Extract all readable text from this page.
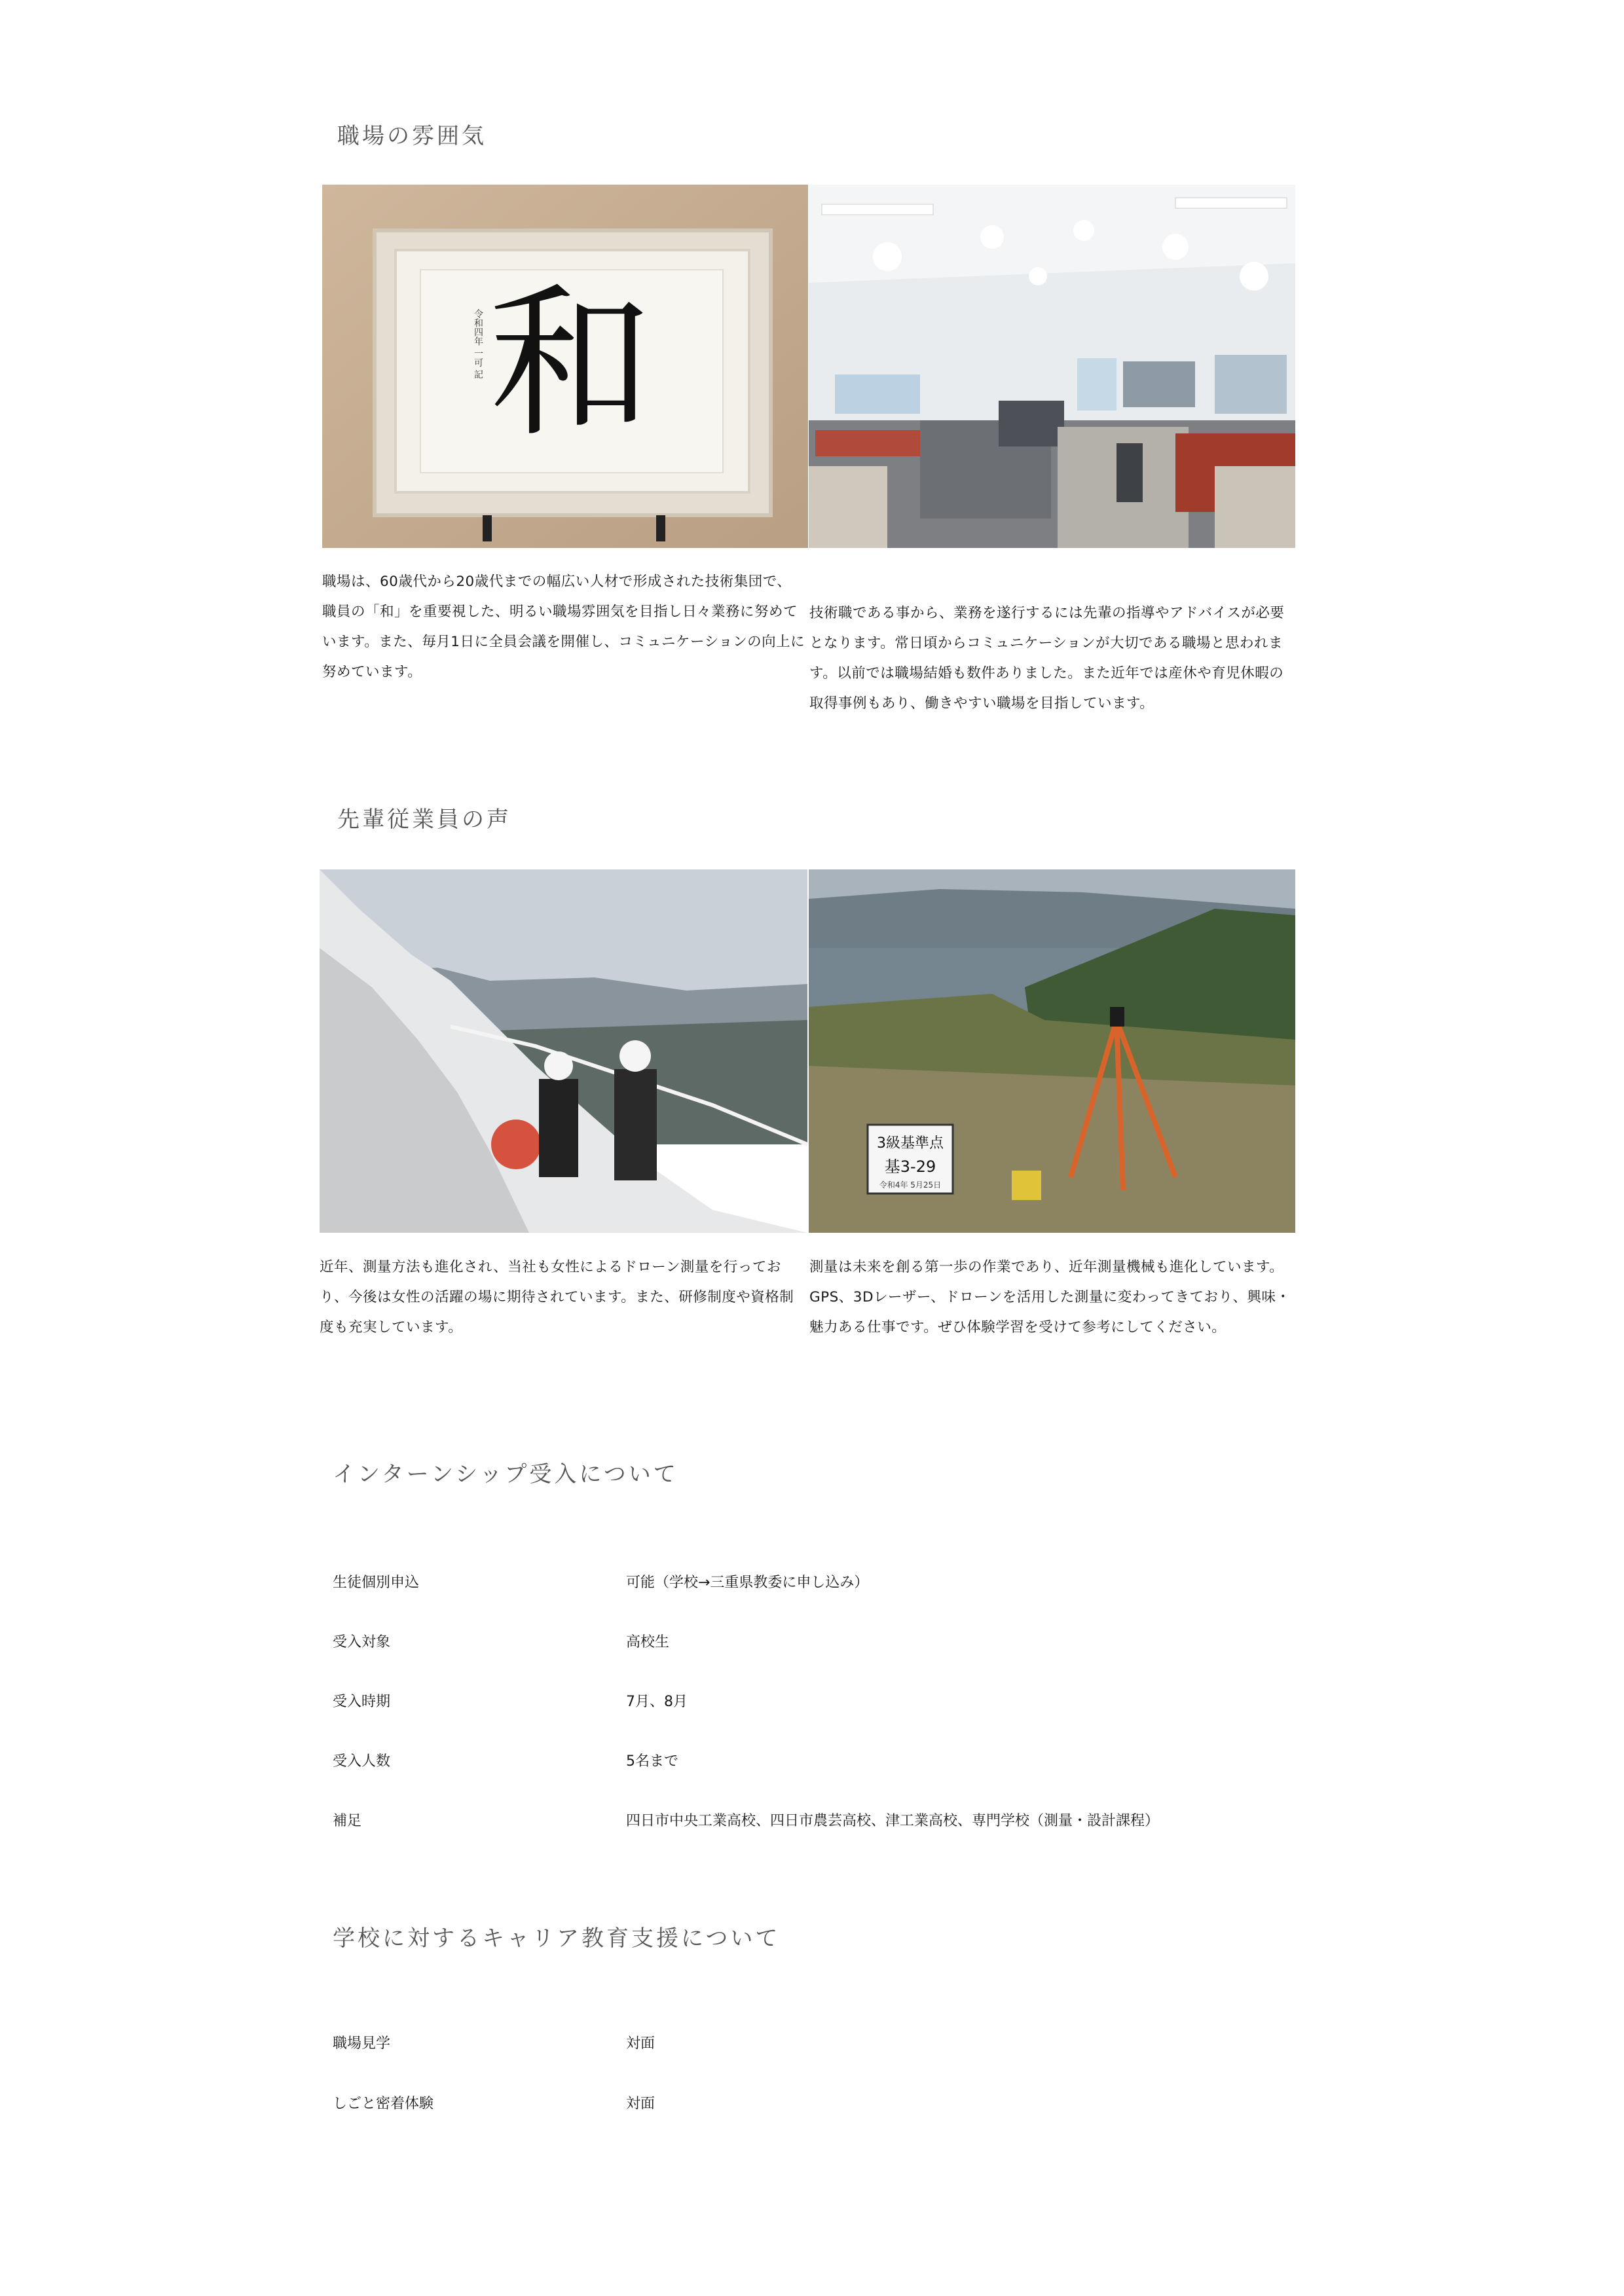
職場の雰囲気
和
令和四年 一可 記

職場は、60歳代から20歳代までの幅広い人材で形成された技術集団で、職員の「和」を重要視した、明るい職場雰囲気を目指し日々業務に努めています。また、毎月1日に全員会議を開催し、コミュニケーションの向上に努めています。

技術職である事から、業務を遂行するには先輩の指導やアドバイスが必要となります。常日頃からコミュニケーションが大切である職場と思われます。以前では職場結婚も数件ありました。また近年では産休や育児休暇の取得事例もあり、働きやすい職場を目指しています。

先輩従業員の声
3級基準点
基3-29
令和4年 5月25日

近年、測量方法も進化され、当社も女性によるドローン測量を行っており、今後は女性の活躍の場に期待されています。また、研修制度や資格制度も充実しています。

測量は未来を創る第一歩の作業であり、近年測量機械も進化しています。GPS、3Dレーザー、ドローンを活用した測量に変わってきており、興味・魅力ある仕事です。ぜひ体験学習を受けて参考にしてください。

インターンシップ受入について
生徒個別申込	可能（学校→三重県教委に申し込み）
受入対象	高校生
受入時期	7月、8月
受入人数	5名まで
補足	四日市中央工業高校、四日市農芸高校、津工業高校、専門学校（測量・設計課程）
学校に対するキャリア教育支援について
職場見学	対面
しごと密着体験	対面
